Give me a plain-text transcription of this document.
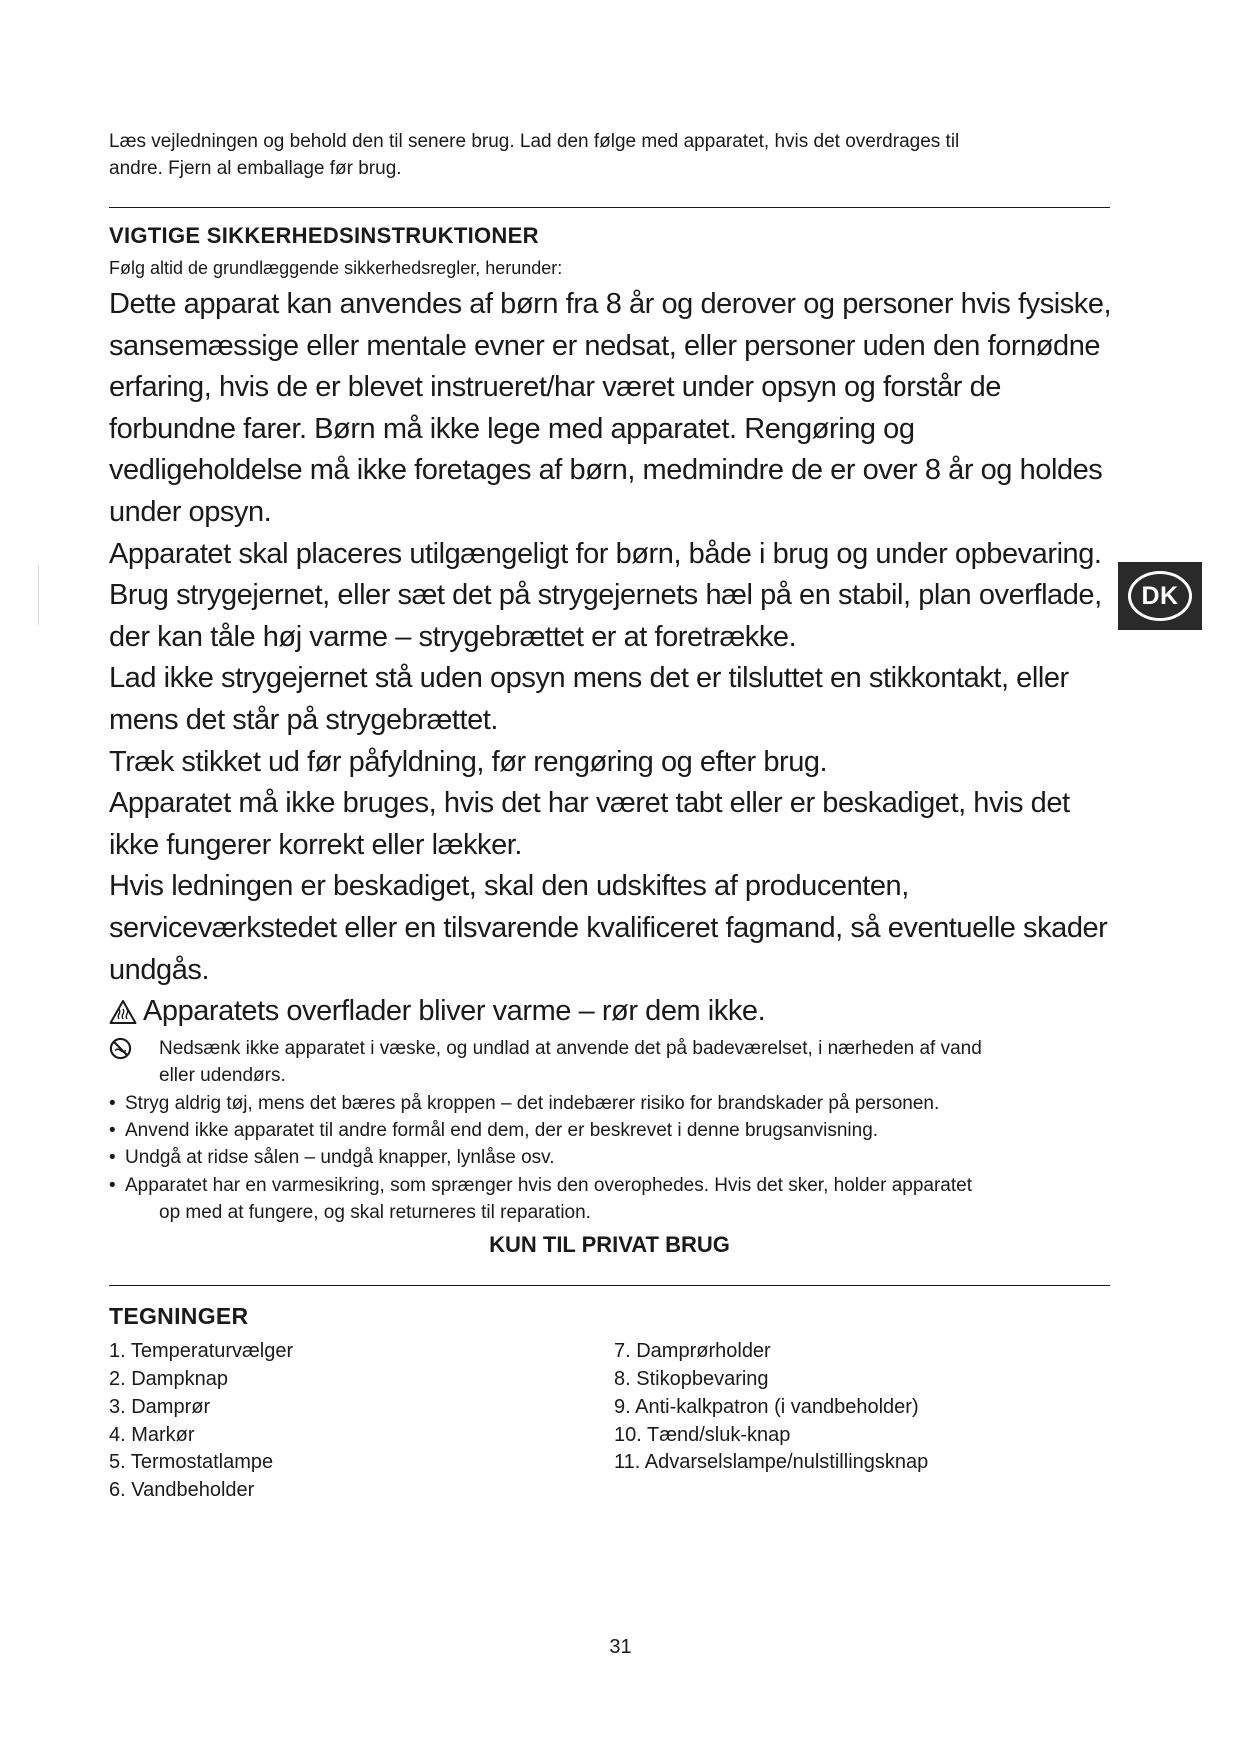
Læs vejledningen og behold den til senere brug. Lad den følge med apparatet, hvis det overdrages til
andre. Fjern al emballage før brug.

VIGTIGE SIKKERHEDSINSTRUKTIONER

Følg altid de grundlæggende sikkerhedsregler, herunder:

Dette apparat kan anvendes af børn fra 8 år og derover og personer hvis fysiske,

sansemæssige eller mentale evner er nedsat, eller personer uden den fornødne

erfaring, hvis de er blevet instrueret/har været under opsyn og forstår de

forbundne farer. Børn må ikke lege med apparatet. Rengøring og

vedligeholdelse må ikke foretages af børn, medmindre de er over 8 år og holdes

under opsyn.

Apparatet skal placeres utilgængeligt for børn, både i brug og under opbevaring.

Brug strygejernet, eller sæt det på strygejernets hæl på en stabil, plan overflade,

der kan tåle høj varme – strygebrættet er at foretrække.

Lad ikke strygejernet stå uden opsyn mens det er tilsluttet en stikkontakt, eller

mens det står på strygebrættet.

Træk stikket ud før påfyldning, før rengøring og efter brug.

Apparatet må ikke bruges, hvis det har været tabt eller er beskadiget, hvis det

ikke fungerer korrekt eller lækker.

Hvis ledningen er beskadiget, skal den udskiftes af producenten,

serviceværkstedet eller en tilsvarende kvalificeret fagmand, så eventuelle skader

undgås.

Apparatets overflader bliver varme – rør dem ikke.

Nedsænk ikke apparatet i væske, og undlad at anvende det på badeværelset, i nærheden af vand
eller udendørs.

• Stryg aldrig tøj, mens det bæres på kroppen – det indebærer risiko for brandskader på personen.

• Anvend ikke apparatet til andre formål end dem, der er beskrevet i denne brugsanvisning.

• Undgå at ridse sålen – undgå knapper, lynlåse osv.

• Apparatet har en varmesikring, som sprænger hvis den overophedes. Hvis det sker, holder apparatet

op med at fungere, og skal returneres til reparation.

KUN TIL PRIVAT BRUG

TEGNINGER

1. Temperaturvælger

2. Dampknap

3. Damprør

4. Markør

5. Termostatlampe

6. Vandbeholder

7. Damprørholder

8. Stikopbevaring

9. Anti-kalkpatron (i vandbeholder)

10. Tænd/sluk-knap

11. Advarselslampe/nulstillingsknap

DK
31
